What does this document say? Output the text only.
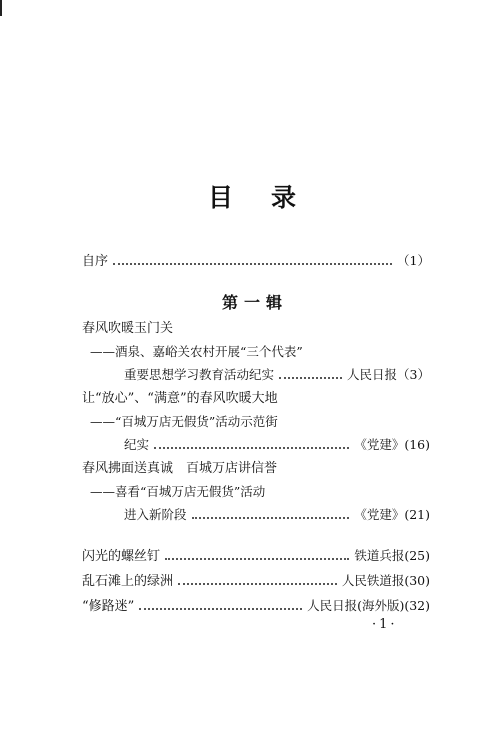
目录
自序	（1）
第一辑
春风吹暖玉门关
——酒泉、嘉峪关农村开展“三个代表”
重要思想学习教育活动纪实	人民日报 （3）
让“放心”、“满意”的春风吹暖大地
——“百城万店无假货”活动示范街
纪实	《党建》 (16)
春风拂面送真诚　百城万店讲信誉
——喜看“百城万店无假货”活动
进入新阶段	《党建》 (21)
闪光的螺丝钉	铁道兵报 (25)
乱石滩上的绿洲	人民铁道报 (30)
“修路迷”	人民日报(海外版) (32)
·1·
